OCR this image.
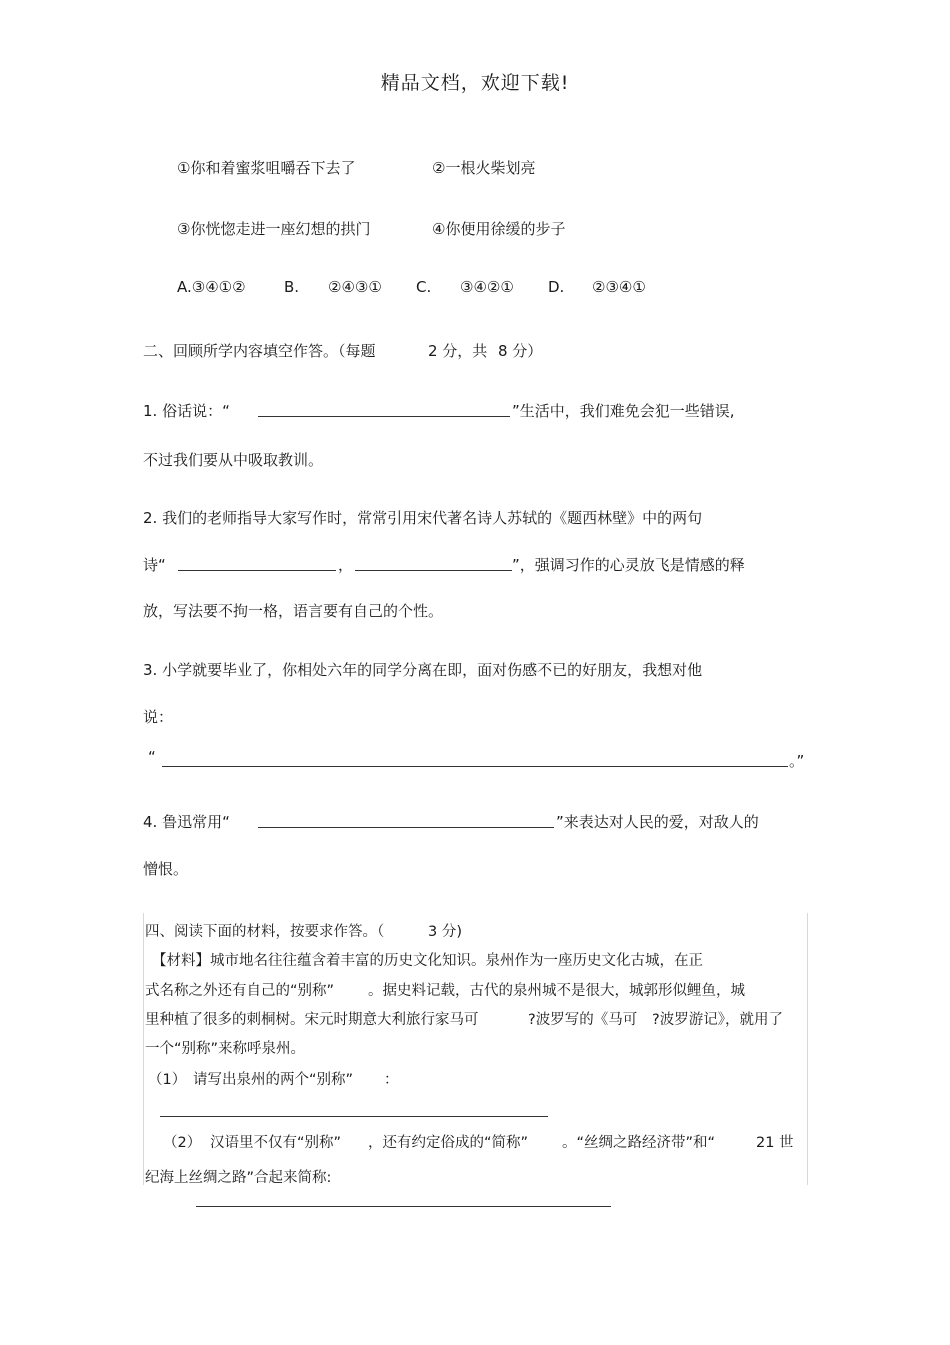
精品文档，欢迎下载!
①你和着蜜浆咀嚼吞下去了	②一根火柴划亮
③你恍惚走进一座幻想的拱门	④你便用徐缓的步子
A.③④①②	B. ②④③① C. ③④②① D. ②③④①
二、回顾所学内容填空作答。（每题	2 分，共 8 分）
1. 俗话说：“	”生活中，我们难免会犯一些错误,
不过我们要从中吸取教训。
2. 我们的老师指导大家写作时，常常引用宋代著名诗人苏轼的《题西林壁》中的两句
诗“	，	”，强调习作的心灵放飞是情感的释
放，写法要不拘一格，语言要有自己的个性。
3. 小学就要毕业了，你相处六年的同学分离在即，面对伤感不已的好朋友，我想对他
说：
“	。”
4. 鲁迅常用“	”来表达对人民的爱，对敌人的
憎恨。
四、阅读下面的材料，按要求作答。（	3 分)
【材料】城市地名往往蕴含着丰富的历史文化知识。泉州作为一座历史文化古城，在正
式名称之外还有自己的“别称” 。据史料记载，古代的泉州城不是很大，城郭形似鲤鱼，城
里种植了很多的刺桐树。宋元时期意大利旅行家马可	?波罗写的《马可 ?波罗游记》，就用了
一个“别称”来称呼泉州。
（1） 请写出泉州的两个“别称” ：
（2） 汉语里不仅有“别称” ，还有约定俗成的“简称” 。“丝绸之路经济带”和“	21 世
纪海上丝绸之路”合起来简称:
